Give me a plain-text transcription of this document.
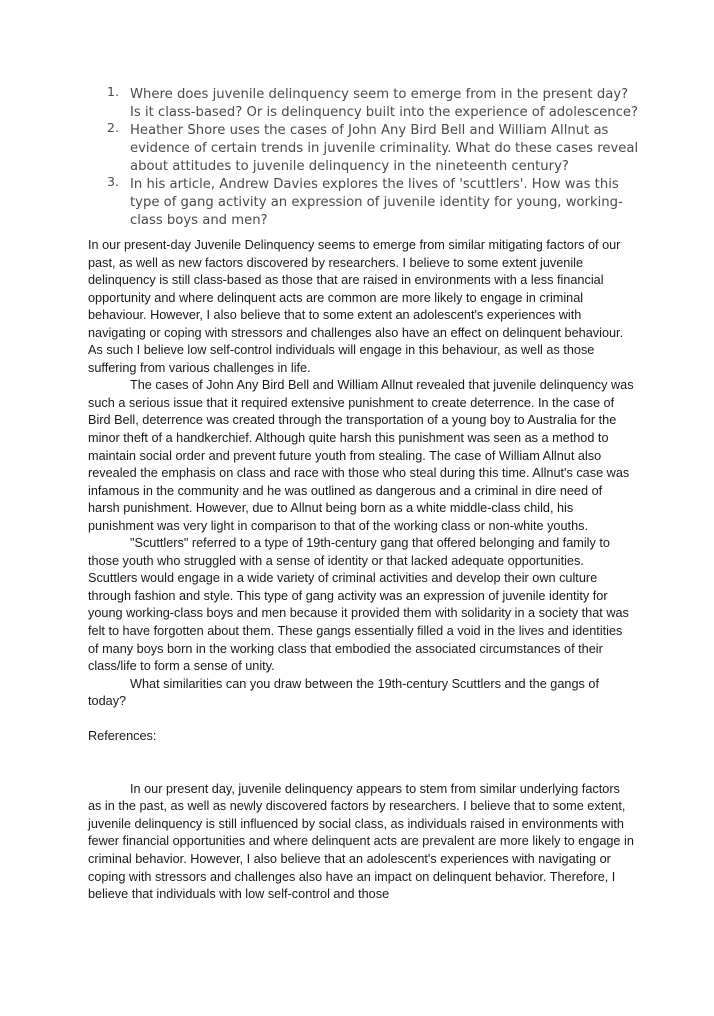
1. Where does juvenile delinquency seem to emerge from in the present day? Is it class-based? Or is delinquency built into the experience of adolescence?
2. Heather Shore uses the cases of John Any Bird Bell and William Allnut as evidence of certain trends in juvenile criminality. What do these cases reveal about attitudes to juvenile delinquency in the nineteenth century?
3. In his article, Andrew Davies explores the lives of 'scuttlers'. How was this type of gang activity an expression of juvenile identity for young, working-class boys and men?

In our present-day Juvenile Delinquency seems to emerge from similar mitigating factors of our past, as well as new factors discovered by researchers. I believe to some extent juvenile delinquency is still class-based as those that are raised in environments with a less financial opportunity and where delinquent acts are common are more likely to engage in criminal behaviour. However, I also believe that to some extent an adolescent's experiences with navigating or coping with stressors and challenges also have an effect on delinquent behaviour. As such I believe low self-control individuals will engage in this behaviour, as well as those suffering from various challenges in life.

The cases of John Any Bird Bell and William Allnut revealed that juvenile delinquency was such a serious issue that it required extensive punishment to create deterrence. In the case of Bird Bell, deterrence was created through the transportation of a young boy to Australia for the minor theft of a handkerchief. Although quite harsh this punishment was seen as a method to maintain social order and prevent future youth from stealing. The case of William Allnut also revealed the emphasis on class and race with those who steal during this time. Allnut's case was infamous in the community and he was outlined as dangerous and a criminal in dire need of harsh punishment. However, due to Allnut being born as a white middle-class child, his punishment was very light in comparison to that of the working class or non-white youths.

"Scuttlers" referred to a type of 19th-century gang that offered belonging and family to those youth who struggled with a sense of identity or that lacked adequate opportunities. Scuttlers would engage in a wide variety of criminal activities and develop their own culture through fashion and style. This type of gang activity was an expression of juvenile identity for young working-class boys and men because it provided them with solidarity in a society that was felt to have forgotten about them. These gangs essentially filled a void in the lives and identities of many boys born in the working class that embodied the associated circumstances of their class/life to form a sense of unity.

What similarities can you draw between the 19th-century Scuttlers and the gangs of today?

References:

In our present day, juvenile delinquency appears to stem from similar underlying factors as in the past, as well as newly discovered factors by researchers. I believe that to some extent, juvenile delinquency is still influenced by social class, as individuals raised in environments with fewer financial opportunities and where delinquent acts are prevalent are more likely to engage in criminal behavior. However, I also believe that an adolescent's experiences with navigating or coping with stressors and challenges also have an impact on delinquent behavior. Therefore, I believe that individuals with low self-control and those
